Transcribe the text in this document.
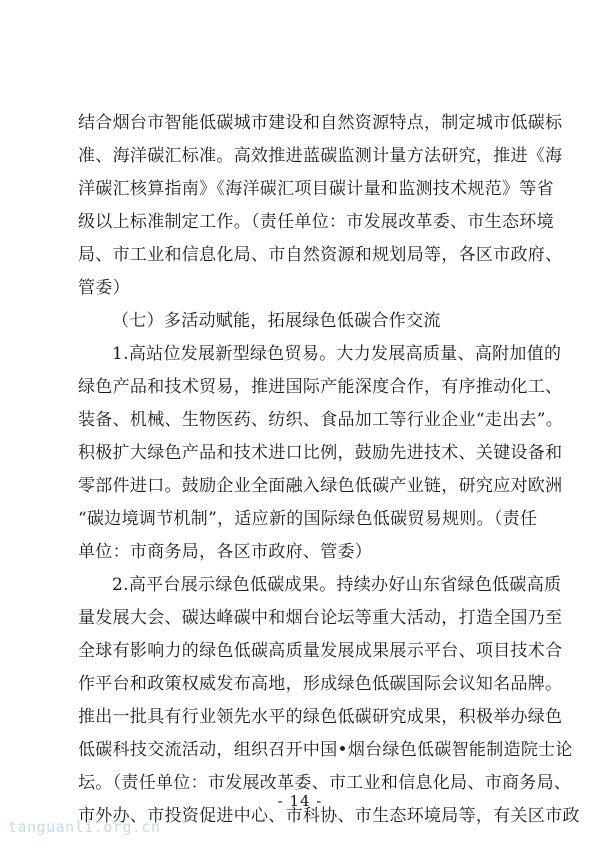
结合烟台市智能低碳城市建设和自然资源特点，制定城市低碳标
准、海洋碳汇标准。高效推进蓝碳监测计量方法研究，推进《海
洋碳汇核算指南》《海洋碳汇项目碳计量和监测技术规范》等省
级以上标准制定工作。（责任单位：市发展改革委、市生态环境
局、市工业和信息化局、市自然资源和规划局等，各区市政府、
管委）
（七）多活动赋能，拓展绿色低碳合作交流
1.高站位发展新型绿色贸易。大力发展高质量、高附加值的
绿色产品和技术贸易，推进国际产能深度合作，有序推动化工、
装备、机械、生物医药、纺织、食品加工等行业企业“走出去”。
积极扩大绿色产品和技术进口比例，鼓励先进技术、关键设备和
零部件进口。鼓励企业全面融入绿色低碳产业链，研究应对欧洲
“碳边境调节机制”，适应新的国际绿色低碳贸易规则。（责任
单位：市商务局，各区市政府、管委）
2.高平台展示绿色低碳成果。持续办好山东省绿色低碳高质
量发展大会、碳达峰碳中和烟台论坛等重大活动，打造全国乃至
全球有影响力的绿色低碳高质量发展成果展示平台、项目技术合
作平台和政策权威发布高地，形成绿色低碳国际会议知名品牌。
推出一批具有行业领先水平的绿色低碳研究成果，积极举办绿色
低碳科技交流活动，组织召开中国•烟台绿色低碳智能制造院士论
坛。（责任单位：市发展改革委、市工业和信息化局、市商务局、
市外办、市投资促进中心、市科协、市生态环境局等，有关区市政
- 14 -
tanguanli.org.cn
